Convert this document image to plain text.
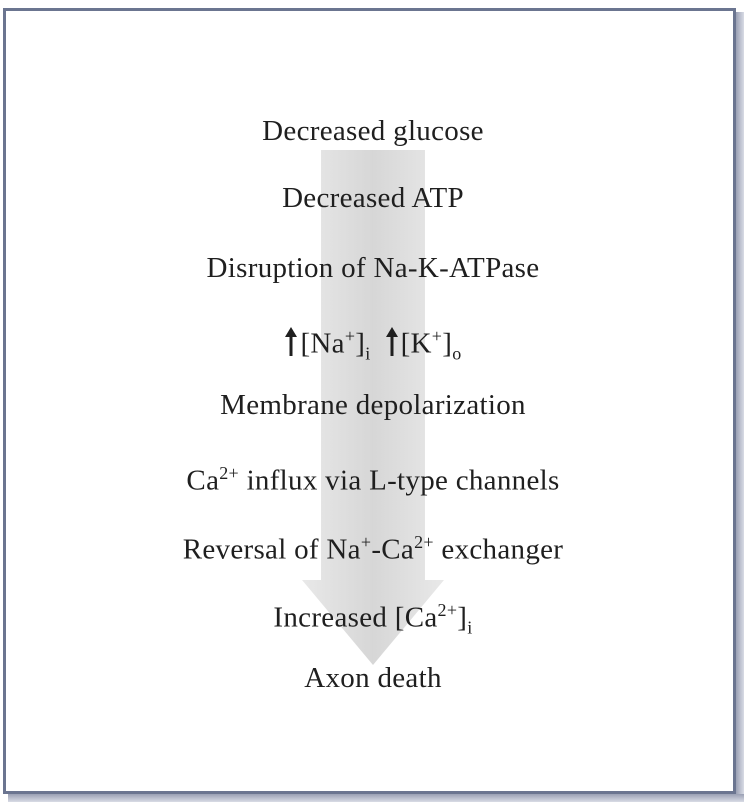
Decreased glucose
Decreased ATP
Disruption of Na-K-ATPase
$[Na^+]_i$ $[K^+]_o$
Membrane depolarization
$Ca^{2+}$ influx via L-type channels
Reversal of $Na^+-Ca^{2+}$ exchanger
Increased $[Ca^{2+}]_i$
Axon death
